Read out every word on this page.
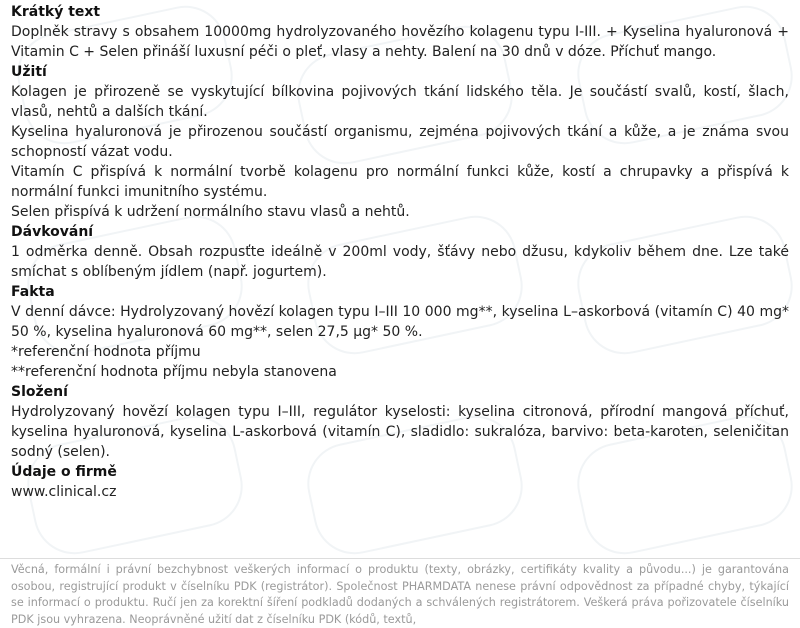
Krátký text

Doplněk stravy s obsahem 10000mg hydrolyzovaného hovězího kolagenu typu I-III. + Kyselina hyaluronová + Vitamin C + Selen přináší luxusní péči o pleť, vlasy a nehty. Balení na 30 dnů v dóze. Příchuť mango.

Užití

Kolagen je přirozeně se vyskytující bílkovina pojivových tkání lidského těla. Je součástí svalů, kostí, šlach, vlasů, nehtů a dalších tkání.

Kyselina hyaluronová je přirozenou součástí organismu, zejména pojivových tkání a kůže, a je známa svou schopností vázat vodu.

Vitamín C přispívá k normální tvorbě kolagenu pro normální funkci kůže, kostí a chrupavky a přispívá k normální funkci imunitního systému.

Selen přispívá k udržení normálního stavu vlasů a nehtů.

Dávkování

1 odměrka denně. Obsah rozpusťte ideálně v 200ml vody, šťávy nebo džusu, kdykoliv během dne. Lze také smíchat s oblíbeným jídlem (např. jogurtem).

Fakta

V denní dávce: Hydrolyzovaný hovězí kolagen typu I–III 10 000 mg**, kyselina L–askorbová (vitamín C) 40 mg* 50 %, kyselina hyaluronová 60 mg**, selen 27,5 µg* 50 %.

*referenční hodnota příjmu

**referenční hodnota příjmu nebyla stanovena

Složení

Hydrolyzovaný hovězí kolagen typu I–III, regulátor kyselosti: kyselina citronová, přírodní mangová příchuť, kyselina hyaluronová, kyselina L-askorbová (vitamín C), sladidlo: sukralóza, barvivo: beta-karoten, seleničitan sodný (selen).

Údaje o firmě

www.clinical.cz

Věcná, formální i právní bezchybnost veškerých informací o produktu (texty, obrázky, certifikáty kvality a původu...) je garantována osobou, registrující produkt v číselníku PDK (registrátor). Společnost PHARMDATA nenese právní odpovědnost za případné chyby, týkající se informací o produktu. Ručí jen za korektní šíření podkladů dodaných a schválených registrátorem. Veškerá práva pořizovatele číselníku PDK jsou vyhrazena. Neoprávněné užití dat z číselníku PDK (kódů, textů,
